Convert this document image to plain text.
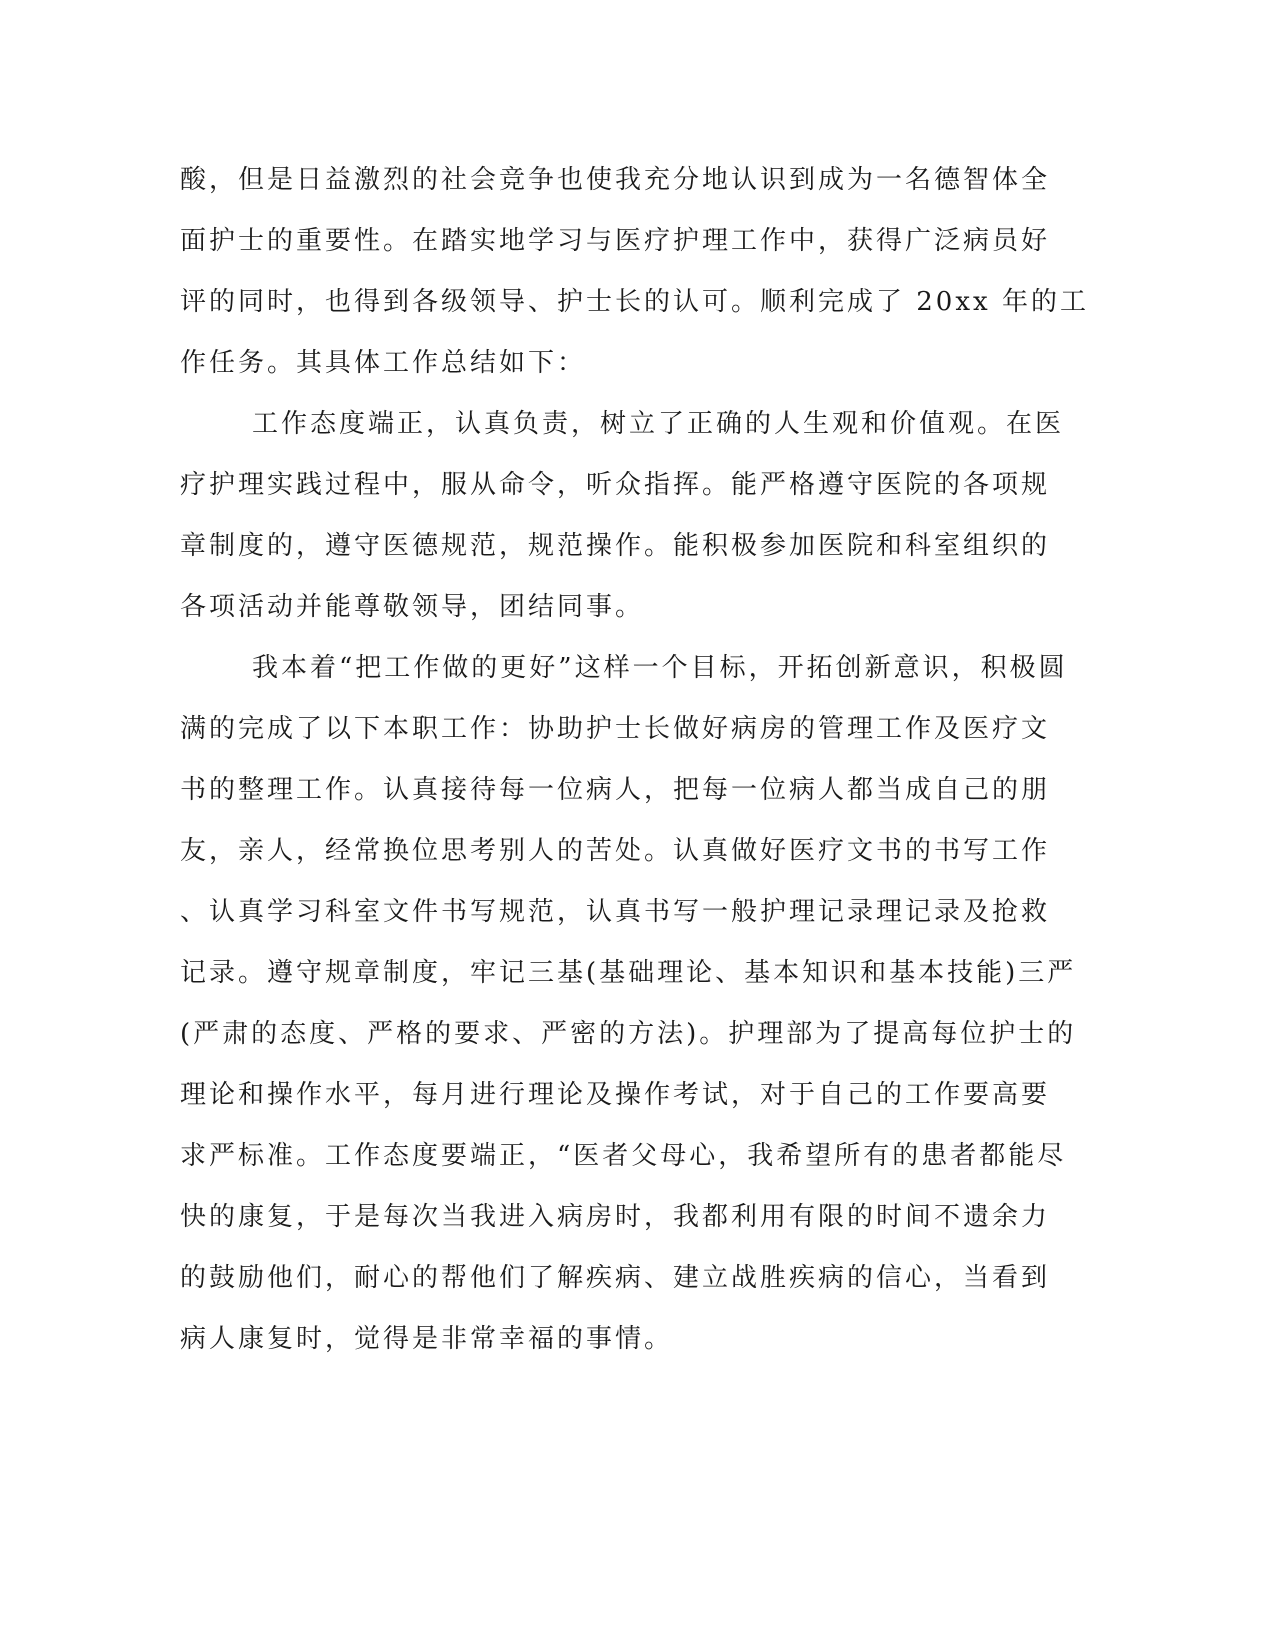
酸，但是日益激烈的社会竞争也使我充分地认识到成为一名德智体全
面护士的重要性。在踏实地学习与医疗护理工作中，获得广泛病员好
评的同时，也得到各级领导、护士长的认可。顺利完成了 20xx 年的工
作任务。其具体工作总结如下：
工作态度端正，认真负责，树立了正确的人生观和价值观。在医
疗护理实践过程中，服从命令，听众指挥。能严格遵守医院的各项规
章制度的，遵守医德规范，规范操作。能积极参加医院和科室组织的
各项活动并能尊敬领导，团结同事。
我本着“把工作做的更好”这样一个目标，开拓创新意识，积极圆
满的完成了以下本职工作：协助护士长做好病房的管理工作及医疗文
书的整理工作。认真接待每一位病人，把每一位病人都当成自己的朋
友，亲人，经常换位思考别人的苦处。认真做好医疗文书的书写工作
、认真学习科室文件书写规范，认真书写一般护理记录理记录及抢救
记录。遵守规章制度，牢记三基(基础理论、基本知识和基本技能)三严
(严肃的态度、严格的要求、严密的方法)。护理部为了提高每位护士的
理论和操作水平，每月进行理论及操作考试，对于自己的工作要高要
求严标准。工作态度要端正，“医者父母心，我希望所有的患者都能尽
快的康复，于是每次当我进入病房时，我都利用有限的时间不遗余力
的鼓励他们，耐心的帮他们了解疾病、建立战胜疾病的信心，当看到
病人康复时，觉得是非常幸福的事情。
